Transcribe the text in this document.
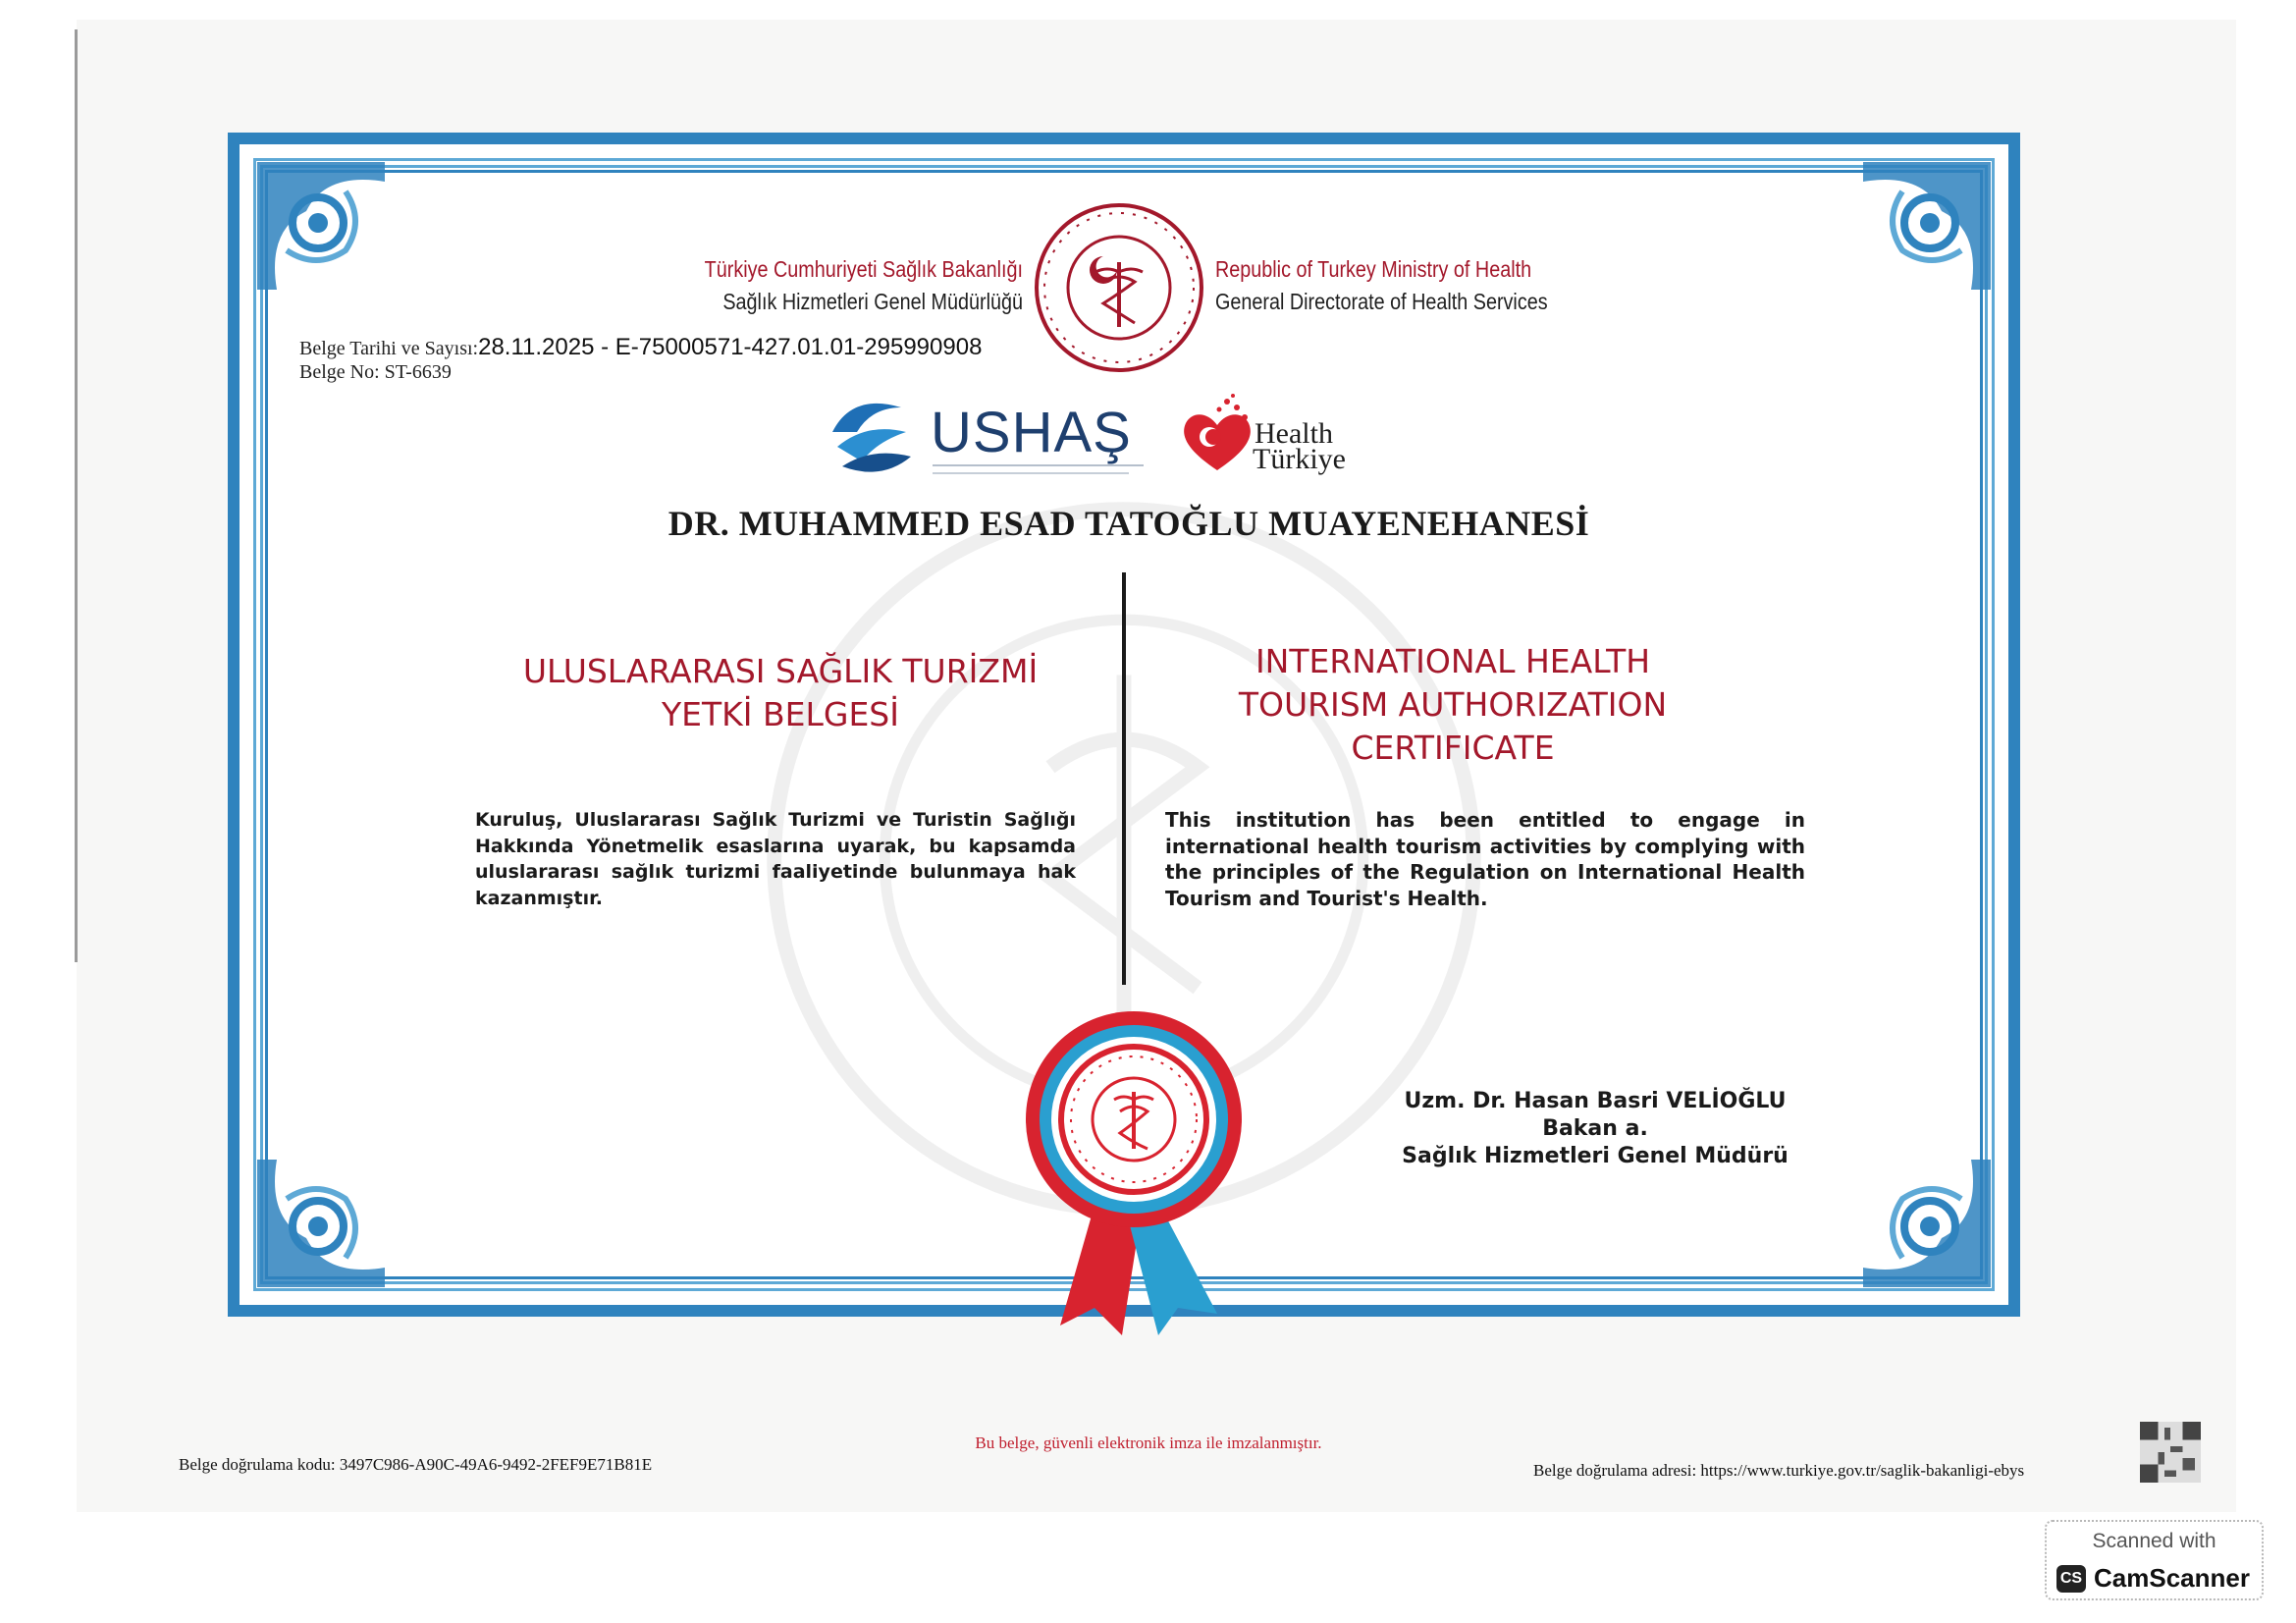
Türkiye Cumhuriyeti Sağlık Bakanlığı
Sağlık Hizmetleri Genel Müdürlüğü
Republic of Turkey Ministry of Health
General Directorate of Health Services
Belge Tarihi ve Sayısı:28.11.2025 - E-75000571-427.01.01-295990908
Belge No: ST-6639
USHAŞ	Health
Türkiye
DR. MUHAMMED ESAD TATOĞLU MUAYENEHANESİ
ULUSLARARASI SAĞLIK TURİZMİ
YETKİ BELGESİ
INTERNATIONAL HEALTH
TOURISM AUTHORIZATION
CERTIFICATE
Kuruluş, Uluslararası Sağlık Turizmi ve Turistin Sağlığı Hakkında Yönetmelik esaslarına uyarak, bu kapsamda uluslararası sağlık turizmi faaliyetinde bulunmaya hak kazanmıştır.
This institution has been entitled to engage in international health tourism activities by complying with the principles of the Regulation on International Health Tourism and Tourist's Health.
Uzm. Dr. Hasan Basri VELİOĞLU
Bakan a.
Sağlık Hizmetleri Genel Müdürü
Bu belge, güvenli elektronik imza ile imzalanmıştır.
Belge doğrulama kodu: 3497C986-A90C-49A6-9492-2FEF9E71B81E	Belge doğrulama adresi: https://www.turkiye.gov.tr/saglik-bakanligi-ebys
Scanned with
CS CamScanner
